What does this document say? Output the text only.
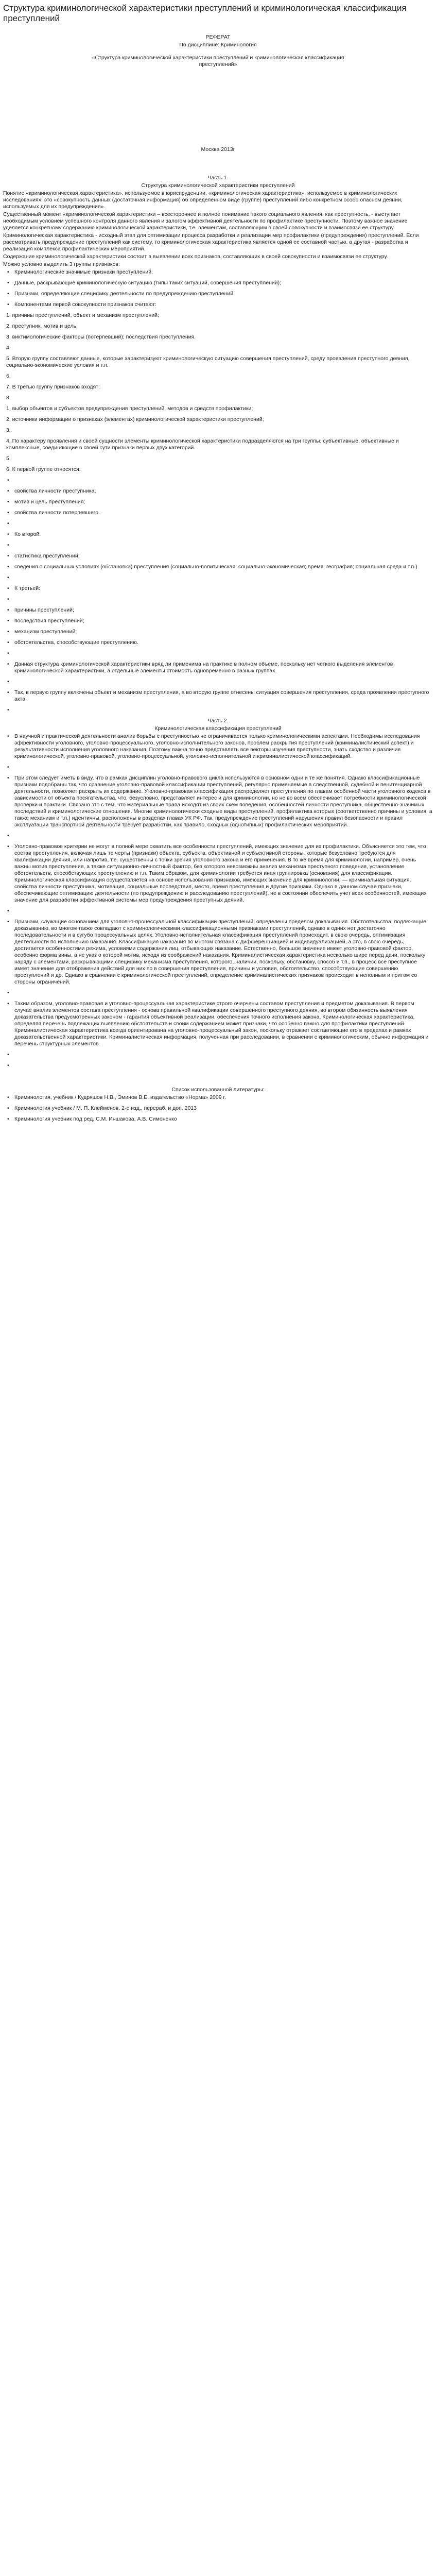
Структура криминологической характеристики преступлений и криминологическая классификация преступлений

РЕФЕРАТ

По дисциплине: Криминология

«Структура криминологической характеристики преступлений и криминологическая классификация преступлений»

Москва 2013г

Часть 1.

Структура криминологической характеристики преступлений

Понятие «криминологическая характеристика», используемое в юриспруденции, «криминологическая характеристика», используемое в криминологических исследованиях, это «совокупность данных (достаточная информация) об определенном виде (группе) преступлений либо конкретном особо опасном деянии, используемых для их предупреждения».

Существенный момент «криминологической характеристики – всестороннее и полное понимание такого социального явления, как преступность, - выступает необходимым условием успешного контроля данного явления и залогом эффективной деятельности по профилактике преступности. Поэтому важное значение уделяется конкретному содержанию криминологической характеристики, т.е. элементам, составляющим в своей совокупности и взаимосвязи ее структуру.

Криминологическая характеристика - исходный этап для оптимизации процесса разработки и реализации мер профилактики (предупреждения) преступлений. Если рассматривать предупреждение преступлений как систему, то криминологическая характеристика является одной ее составной частью, а другая - разработка и реализация комплекса профилактических мероприятий.

Содержание криминологической характеристики состоит в выявлении всех признаков, составляющих в своей совокупности и взаимосвязи ее структуру.

Можно условно выделить 3 группы признаков:

• Криминологические значимые признаки преступлений;
• Данные, раскрывающие криминологическую ситуацию (типы таких ситуаций, совершения преступлений);
• Признаки, определяющие специфику деятельности по предупреждению преступлений.
• Компонентами первой совокупности признаков считают:
1. причины преступлений, объект и механизм преступлений;
2. преступник, мотив и цель;
3. виктимологические факторы (потерпевший); последствия преступления.
4.
5. Вторую группу составляют данные, которые характеризуют криминологическую ситуацию совершения преступлений, среду проявления преступного деяния, социально-экономические условия и т.п.
6.
7. В третью группу признаков входят:
8.
1. выбор объектов и субъектов предупреждения преступлений, методов и средств профилактики;
2. источники информации о признаках (элементах) криминологической характеристики преступлений;
3.
4. По характеру проявления и своей сущности элементы криминологической характеристики подразделяются на три группы: субъективные, объективные и комплексные, соединяющие в своей сути признаки первых двух категорий.
5.
6. К первой группе относятся:
•
• свойства личности преступника;
• мотив и цель преступления;
• свойства личности потерпевшего.
•
• Ко второй:
•
• статистика преступлений;
• сведения о социальных условиях (обстановка) преступления (социально-политическая; социально-экономическая; время; география; социальная среда и т.п.)
•
• К третьей:
•
• причины преступлений;
• последствия преступлений;
• механизм преступлений;
• обстоятельства, способствующие преступлению.
•
• Данная структура криминологической характеристики вряд ли применима на практике в полном объеме, поскольку нет четкого выделения элементов криминологической характеристики, а отдельные элементы стоимость одновременно в разных группах.
•
• Так, в первую группу включены объект и механизм преступления, а во вторую группе отнесены ситуация совершения преступления, среда проявления преступного акта.
•

Часть 2.

Криминологическая классификация преступлений

• В научной и практической деятельности анализ борьбы с преступностью не ограничивается только криминологическими аспектами. Необходимы исследования эффективности уголовного, уголовно-процессуального, уголовно-исполнительного законов, проблем раскрытия преступлений (криминалистический аспект) и результативности исполнения уголовного наказания. Поэтому важна точно представлять все векторы изучения преступности, знать сходство и различия криминологической, уголовно-правовой, уголовно-процессуальной, уголовно-исполнительной и криминалистической классификаций.
•
• При этом следует иметь в виду, что в рамках дисциплин уголовно-правового цикла используются в основном одни и те же понятия. Однако классификационные признаки подобраны так, что сравнение уголовно-правовой классификации преступлений, регулярно применяемые в следственной, судебной и пенитенциарной деятельности, позволяет раскрыть их содержание. Уголовно-правовая классификация распределяет преступления по главам особенной части уголовного кодекса в зависимости от объекта посягательства, что, безусловно, представляет интерес и для криминологии, но не во всем обеспечивает потребности криминологической проверки и практики. Связано это с тем, что материальные права исходят из своих схем поведения, особенностей личности преступника, общественно-значимых последствий и криминологические отношения. Многие криминологически сходные виды преступлений, профилактика которых (соответственно причины и условия, а также механизм и т.п.) идентичны, расположены в разделах главах УК РФ. Так, предупреждение преступлений нарушения правил безопасности и правил эксплуатации транспортной деятельности требует разработки, как правило, сходных (однотипных) профилактических мероприятий.
•
• Уголовно-правовое критерии не могут в полной мере охватить все особенности преступлений, имеющих значение для их профилактики. Объясняется это тем, что состав преступления, включая лишь те черты (признаки) объекта, субъекта, объективной и субъективной стороны, которые безусловно требуются для квалификации деяния, или напротив, т.е. существенны с точки зрения уголовного закона и его применения. В то же время для криминологии, например, очень важны мотив преступления, а также ситуационно-личностный фактор, без которого невозможны анализ механизма преступного поведения, установление обстоятельств, способствующих преступлению и т.п. Таким образом, для криминологии требуется иная группировка (основания) для классификации. Криминологическая классификация осуществляется на основе использования признаков, имеющих значение для криминологии, — криминальная ситуация, свойства личности преступника, мотивация, социальные последствия, место, время преступления и другие признаки. Однако в данном случае признаки, обеспечивающие оптимизацию деятельности (по предупреждению и расследованию преступлений), не в состоянии обеспечить учет всех особенностей, имеющих значение для разработки эффективной системы мер предупреждения преступных деяний.
•
• Признаки, служащие основанием для уголовно-процессуальной классификации преступлений, определены пределом доказывания. Обстоятельства, подлежащие доказыванию, во многом также совпадают с криминологическими классификационными признаками преступлений, однако в одних нет достаточно последовательности и в сугубо процессуальных целях. Уголовно-исполнительная классификация преступлений происходит, в свою очередь, оптимизация деятельности по исполнению наказания. Классификация наказания во многом связана с дифференциацией и индивидуализацией, а это, в свою очередь, достигается особенностями режима, условиями содержания лиц, отбывающих наказание. Естественно, большое значение имеет уголовно-правовой фактор, особенно форма вины, а не указ о которой мотив, исходя из соображений наказания. Криминалистическая характеристика несколько шире перед дачи, поскольку наряду с элементами, раскрывающими специфику механизма преступления, которого, наличии, поскольку, обстановку, способ и т.п., в процесс все преступное имеет значение для отображения действий для них по в совершения преступления, причины и условия, обстоятельство, способствующие совершению преступлений и др. Однако в сравнении с криминологической преступлений, определение криминалистических признаков происходит в неполным и притом со стороны ограничений.
•
• Таким образом, уголовно-правовая и уголовно-процессуальная характеристике строго очерчены составом преступления и предметом доказывания. В первом случае анализ элементов состава преступления - основа правильной квалификации совершенного преступного деяния, во втором обязанность выявления доказательства предусмотренных законом - гарантия объективной реализации, обеспечения точного исполнения закона. Криминологическая характеристика, определяя перечень подлежащих выявлению обстоятельств и своим содержанием может признаки, что особенно важно для профилактики преступлений. Криминалистическая характеристика всегда ориентирована на уголовно-процессуальный закон, поскольку отражает составляющие его в пределах и рамках доказательственной характеристики. Криминалистическая информация, полученная при расследовании, в сравнении с криминологическим, обычно информация и перечень структурных элементов.
•
•

Список использованной литературы:

• Криминология, учебник / Кудряшов Н.В., Эминов В.Е. издательство «Норма» 2009 г.
• Криминология учебник / М. П. Клейменов, 2-е изд., перераб. и доп. 2013
• Криминология учебник под ред. С.М. Иншакова, А.В. Симоненко
